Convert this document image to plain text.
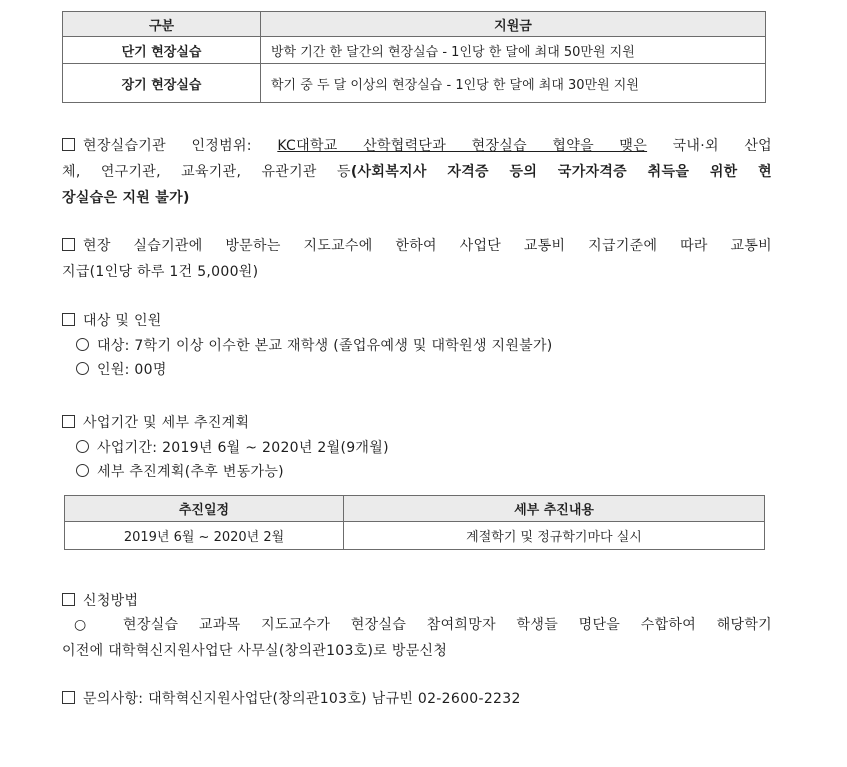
구분	지원금
단기 현장실습	방학 기간 한 달간의 현장실습 - 1인당 한 달에 최대 50만원 지원
장기 현장실습	학기 중 두 달 이상의 현장실습 - 1인당 한 달에 최대 30만원 지원
현장실습기관 인정범위: KC대학교 산학협력단과 현장실습 협약을 맺은 국내·외 산업
체, 연구기관, 교육기관, 유관기관 등(사회복지사 자격증 등의 국가자격증 취득을 위한 현
장실습은 지원 불가)
현장 실습기관에 방문하는 지도교수에 한하여 사업단 교통비 지급기준에 따라 교통비
지급(1인당 하루 1건 5,000원)
대상 및 인원
대상: 7학기 이상 이수한 본교 재학생 (졸업유예생 및 대학원생 지원불가)
인원: 00명
사업기간 및 세부 추진계획
사업기간: 2019년 6월 ~ 2020년 2월(9개월)
세부 추진계획(추후 변동가능)
추진일정	세부 추진내용
2019년 6월 ~ 2020년 2월	계절학기 및 정규학기마다 실시
신청방법
○ 현장실습 교과목 지도교수가 현장실습 참여희망자 학생들 명단을 수합하여 해당학기
이전에 대학혁신지원사업단 사무실(창의관103호)로 방문신청
문의사항: 대학혁신지원사업단(창의관103호) 남규빈 02-2600-2232
